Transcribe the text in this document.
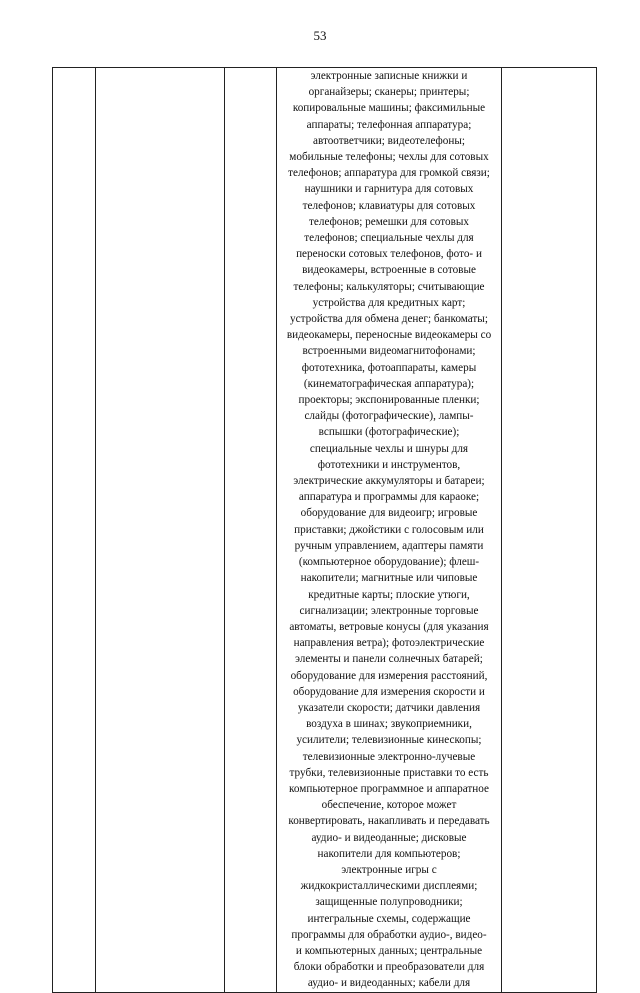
53

электронные записные книжки и
органайзеры; сканеры; принтеры;
копировальные машины; факсимильные
аппараты; телефонная аппаратура;
автоответчики; видеотелефоны;
мобильные телефоны; чехлы для сотовых
телефонов; аппаратура для громкой связи;
наушники и гарнитура для сотовых
телефонов; клавиатуры для сотовых
телефонов; ремешки для сотовых
телефонов; специальные чехлы для
переноски сотовых телефонов, фото- и
видеокамеры, встроенные в сотовые
телефоны; калькуляторы; считывающие
устройства для кредитных карт;
устройства для обмена денег; банкоматы;
видеокамеры, переносные видеокамеры со
встроенными видеомагнитофонами;
фототехника, фотоаппараты, камеры
(кинематографическая аппаратура);
проекторы; экспонированные пленки;
слайды (фотографические), лампы-
вспышки (фотографические);
специальные чехлы и шнуры для
фототехники и инструментов,
электрические аккумуляторы и батареи;
аппаратура и программы для караоке;
оборудование для видеоигр; игровые
приставки; джойстики с голосовым или
ручным управлением, адаптеры памяти
(компьютерное оборудование); флеш-
накопители; магнитные или чиповые
кредитные карты; плоские утюги,
сигнализации; электронные торговые
автоматы, ветровые конусы (для указания
направления ветра); фотоэлектрические
элементы и панели солнечных батарей;
оборудование для измерения расстояний,
оборудование для измерения скорости и
указатели скорости; датчики давления
воздуха в шинах; звукоприемники,
усилители; телевизионные кинескопы;
телевизионные электронно-лучевые
трубки, телевизионные приставки то есть
компьютерное программное и аппаратное
обеспечение, которое может
конвертировать, накапливать и передавать
аудио- и видеоданные; дисковые
накопители для компьютеров;
электронные игры с
жидкокристаллическими дисплеями;
защищенные полупроводники;
интегральные схемы, содержащие
программы для обработки аудио-, видео-
и компьютерных данных; центральные
блоки обработки и преобразователи для
аудио- и видеоданных; кабели для
